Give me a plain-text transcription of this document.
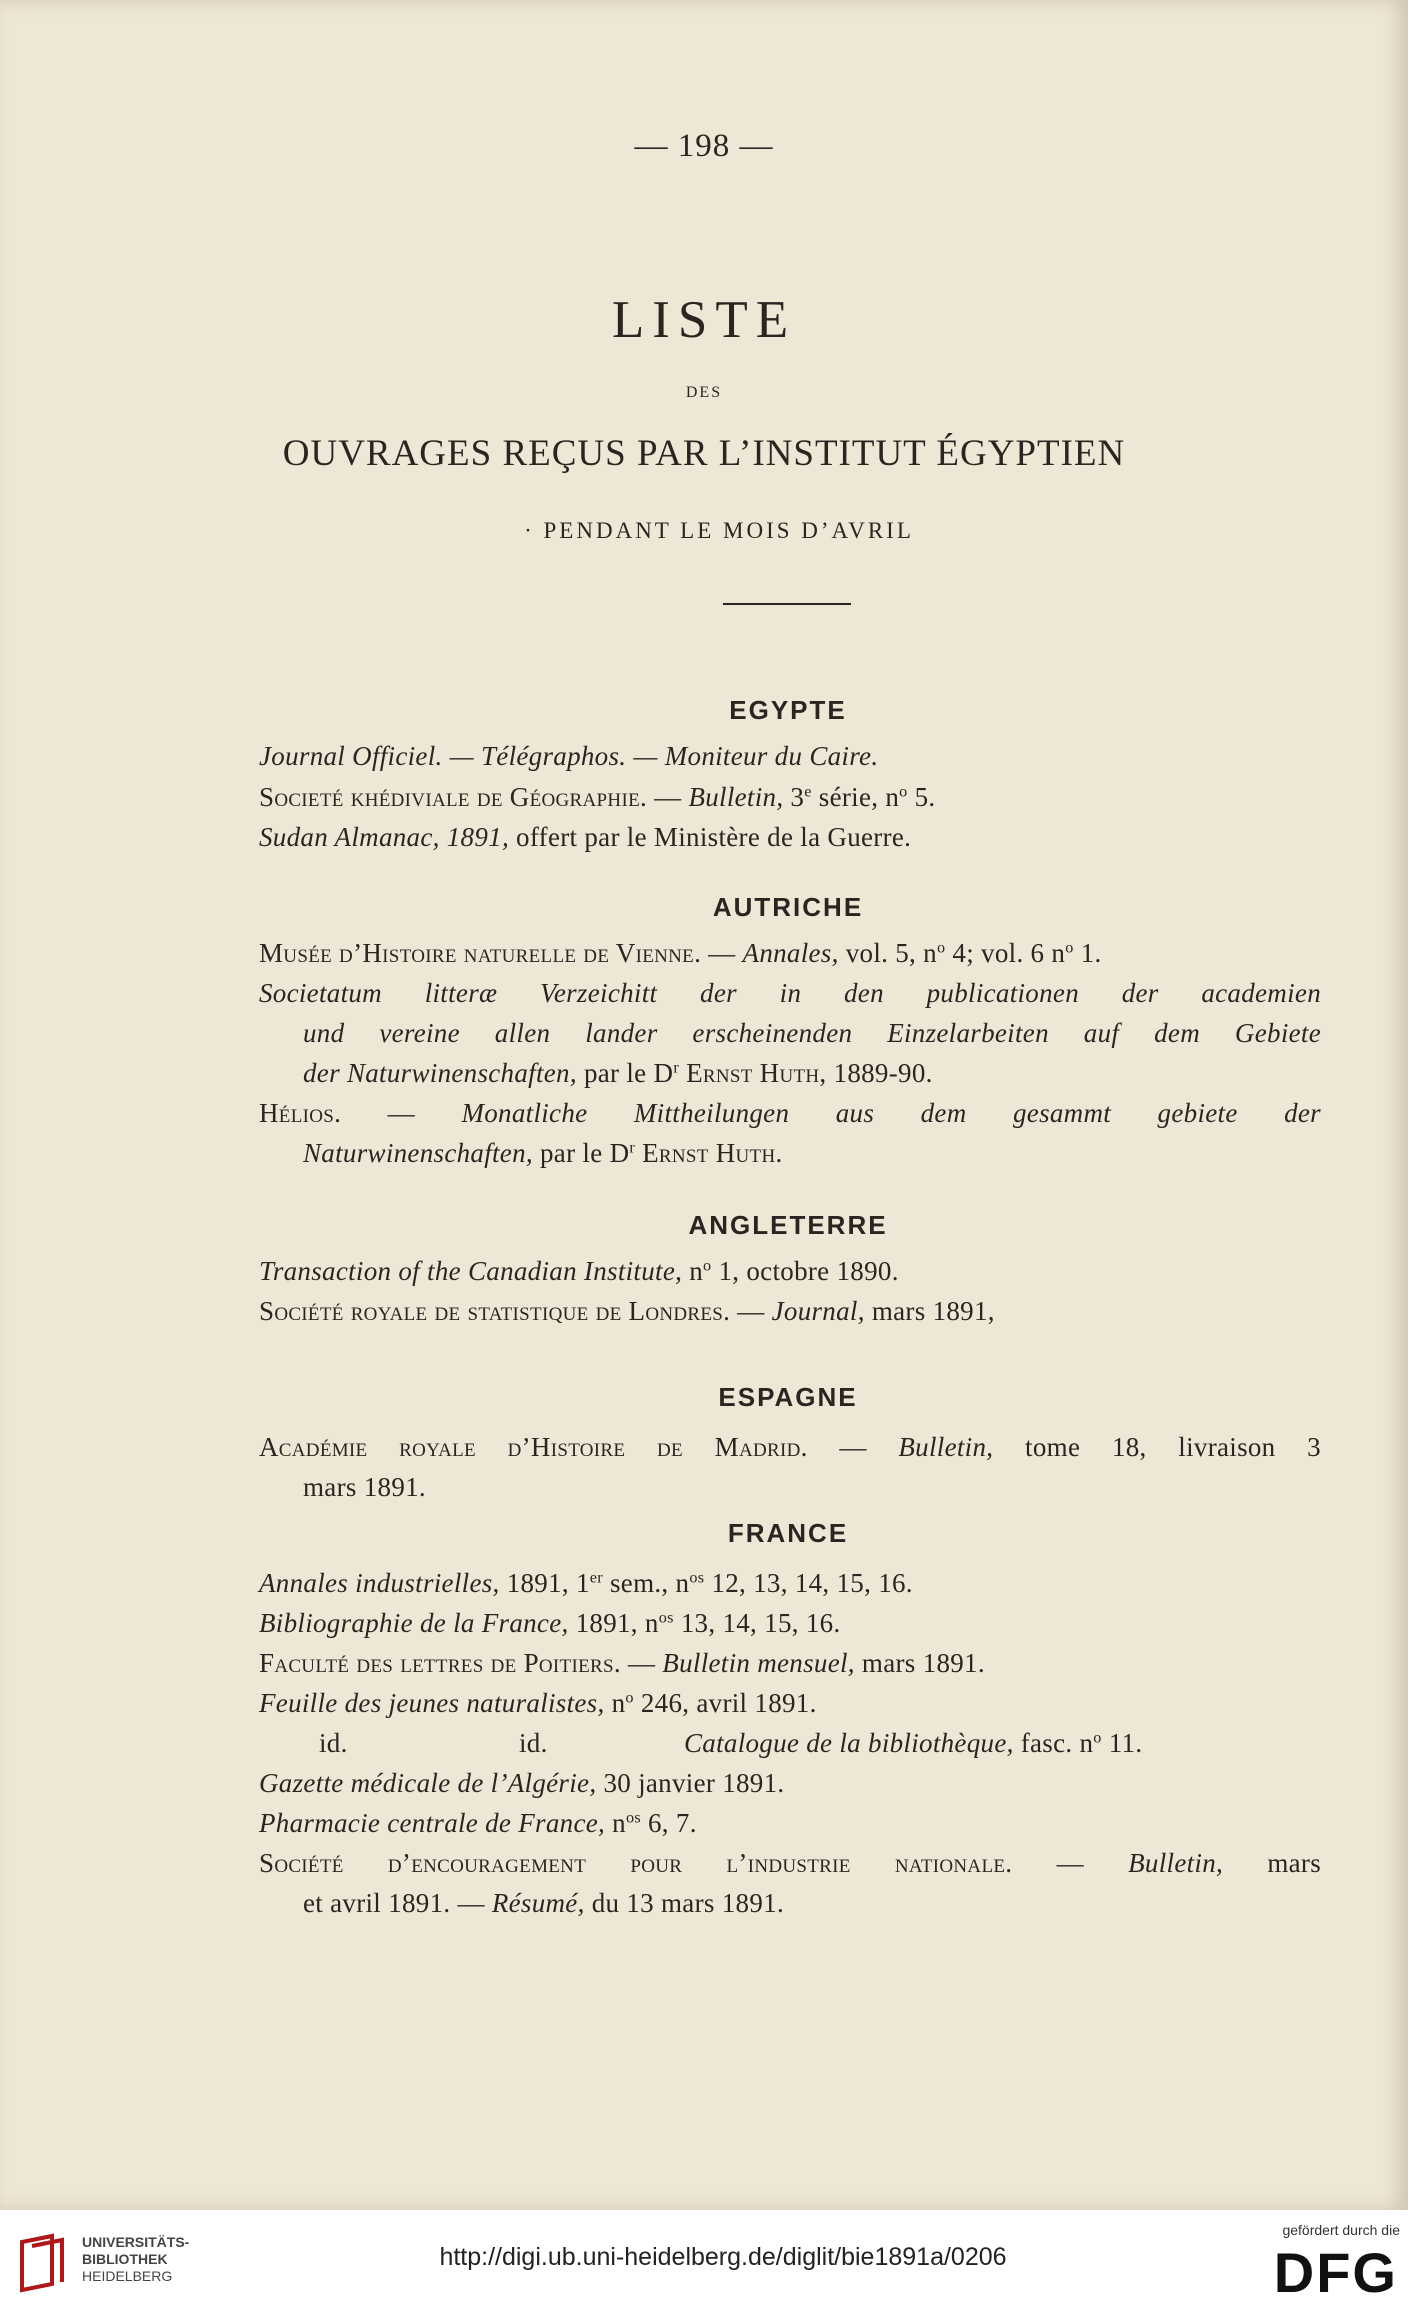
— 198 —
LISTE
DES
OUVRAGES REÇUS PAR L’INSTITUT ÉGYPTIEN
· PENDANT LE MOIS D’AVRIL
EGYPTE
Journal Officiel. — Télégraphos. — Moniteur du Caire.
Societé khédiviale de Géographie. — Bulletin, 3e série, $n^o$ 5.
Sudan Almanac, 1891, offert par le Ministère de la Guerre.
AUTRICHE
Musée d’Histoire naturelle de Vienne. — Annales, vol. 5, $n^o$ 4; vol. 6 $n^o$ 1.
Societatum litteræ Verzeichitt der in den publicationen der academien
und vereine allen lander erscheinenden Einzelarbeiten auf dem Gebiete
der Naturwinenschaften, par le $D^r$ Ernst Huth, 1889-90.
Hélios. — Monatliche Mittheilungen aus dem gesammt gebiete der
Naturwinenschaften, par le $D^r$ Ernst Huth.
ANGLETERRE
Transaction of the Canadian Institute, $n^o$ 1, octobre 1890.
Société royale de statistique de Londres. — Journal, mars 1891,
ESPAGNE
Académie royale d’Histoire de Madrid. — Bulletin, tome 18, livraison 3
mars 1891.
FRANCE
Annales industrielles, 1891, 1er sem., $n^{os}$ 12, 13, 14, 15, 16.
Bibliographie de la France, 1891, $n^{os}$ 13, 14, 15, 16.
Faculté des lettres de Poitiers. — Bulletin mensuel, mars 1891.
Feuille des jeunes naturalistes, $n^o$ 246, avril 1891.
id.	id.	Catalogue de la bibliothèque, fasc. $n^o$ 11.
Gazette médicale de l’Algérie, 30 janvier 1891.
Pharmacie centrale de France, $n^{os}$ 6, 7.
Société d’encouragement pour l’industrie nationale. — Bulletin, mars
et avril 1891. — Résumé, du 13 mars 1891.
UNIVERSITÄTS-
BIBLIOTHEK
HEIDELBERG
http://digi.ub.uni-heidelberg.de/diglit/bie1891a/0206
gefördert durch die
DFG
